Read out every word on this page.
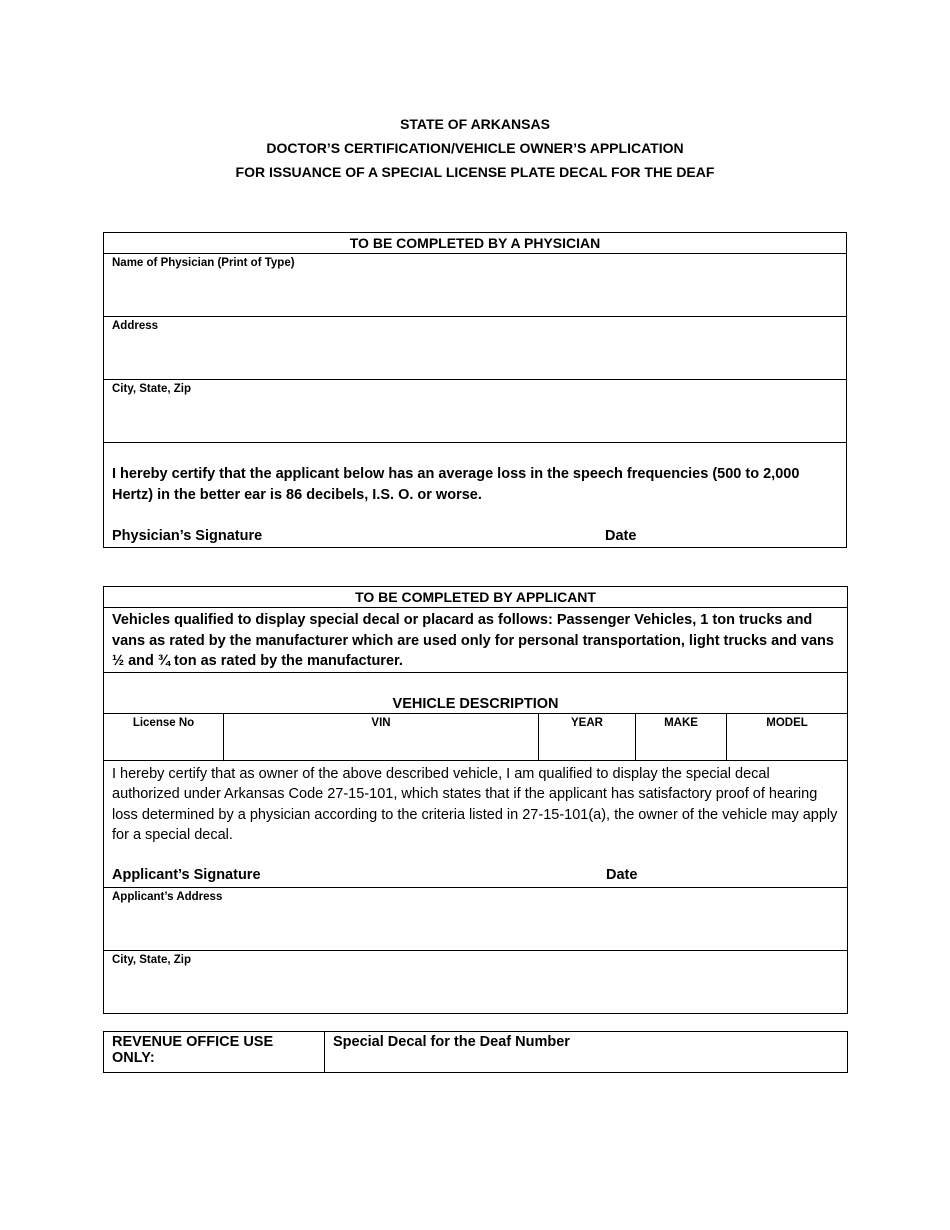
STATE OF ARKANSAS
DOCTOR’S CERTIFICATION/VEHICLE OWNER’S APPLICATION
FOR ISSUANCE OF A SPECIAL LICENSE PLATE DECAL FOR THE DEAF
TO BE COMPLETED BY A PHYSICIAN
Name of Physician (Print of Type)
Address
City, State, Zip

I hereby certify that the applicant below has an average loss in the speech frequencies (500 to 2,000 Hertz) in the better ear is 86 decibels, I.S. O. or worse.
Physician’s Signature	Date
TO BE COMPLETED BY APPLICANT
Vehicles qualified to display special decal or placard as follows: Passenger Vehicles, 1 ton trucks and vans as rated by the manufacturer which are used only for personal transportation, light trucks and vans ½ and ¾ ton as rated by the manufacturer.
VEHICLE DESCRIPTION
License No	VIN	YEAR	MAKE	MODEL

I hereby certify that as owner of the above described vehicle, I am qualified to display the special decal authorized under Arkansas Code 27-15-101, which states that if the applicant has satisfactory proof of hearing loss determined by a physician according to the criteria listed in 27-15-101(a), the owner of the vehicle may apply for a special decal.
Applicant’s Signature	Date

Applicant’s Address
City, State, Zip
REVENUE OFFICE USE ONLY:	Special Decal for the Deaf Number
